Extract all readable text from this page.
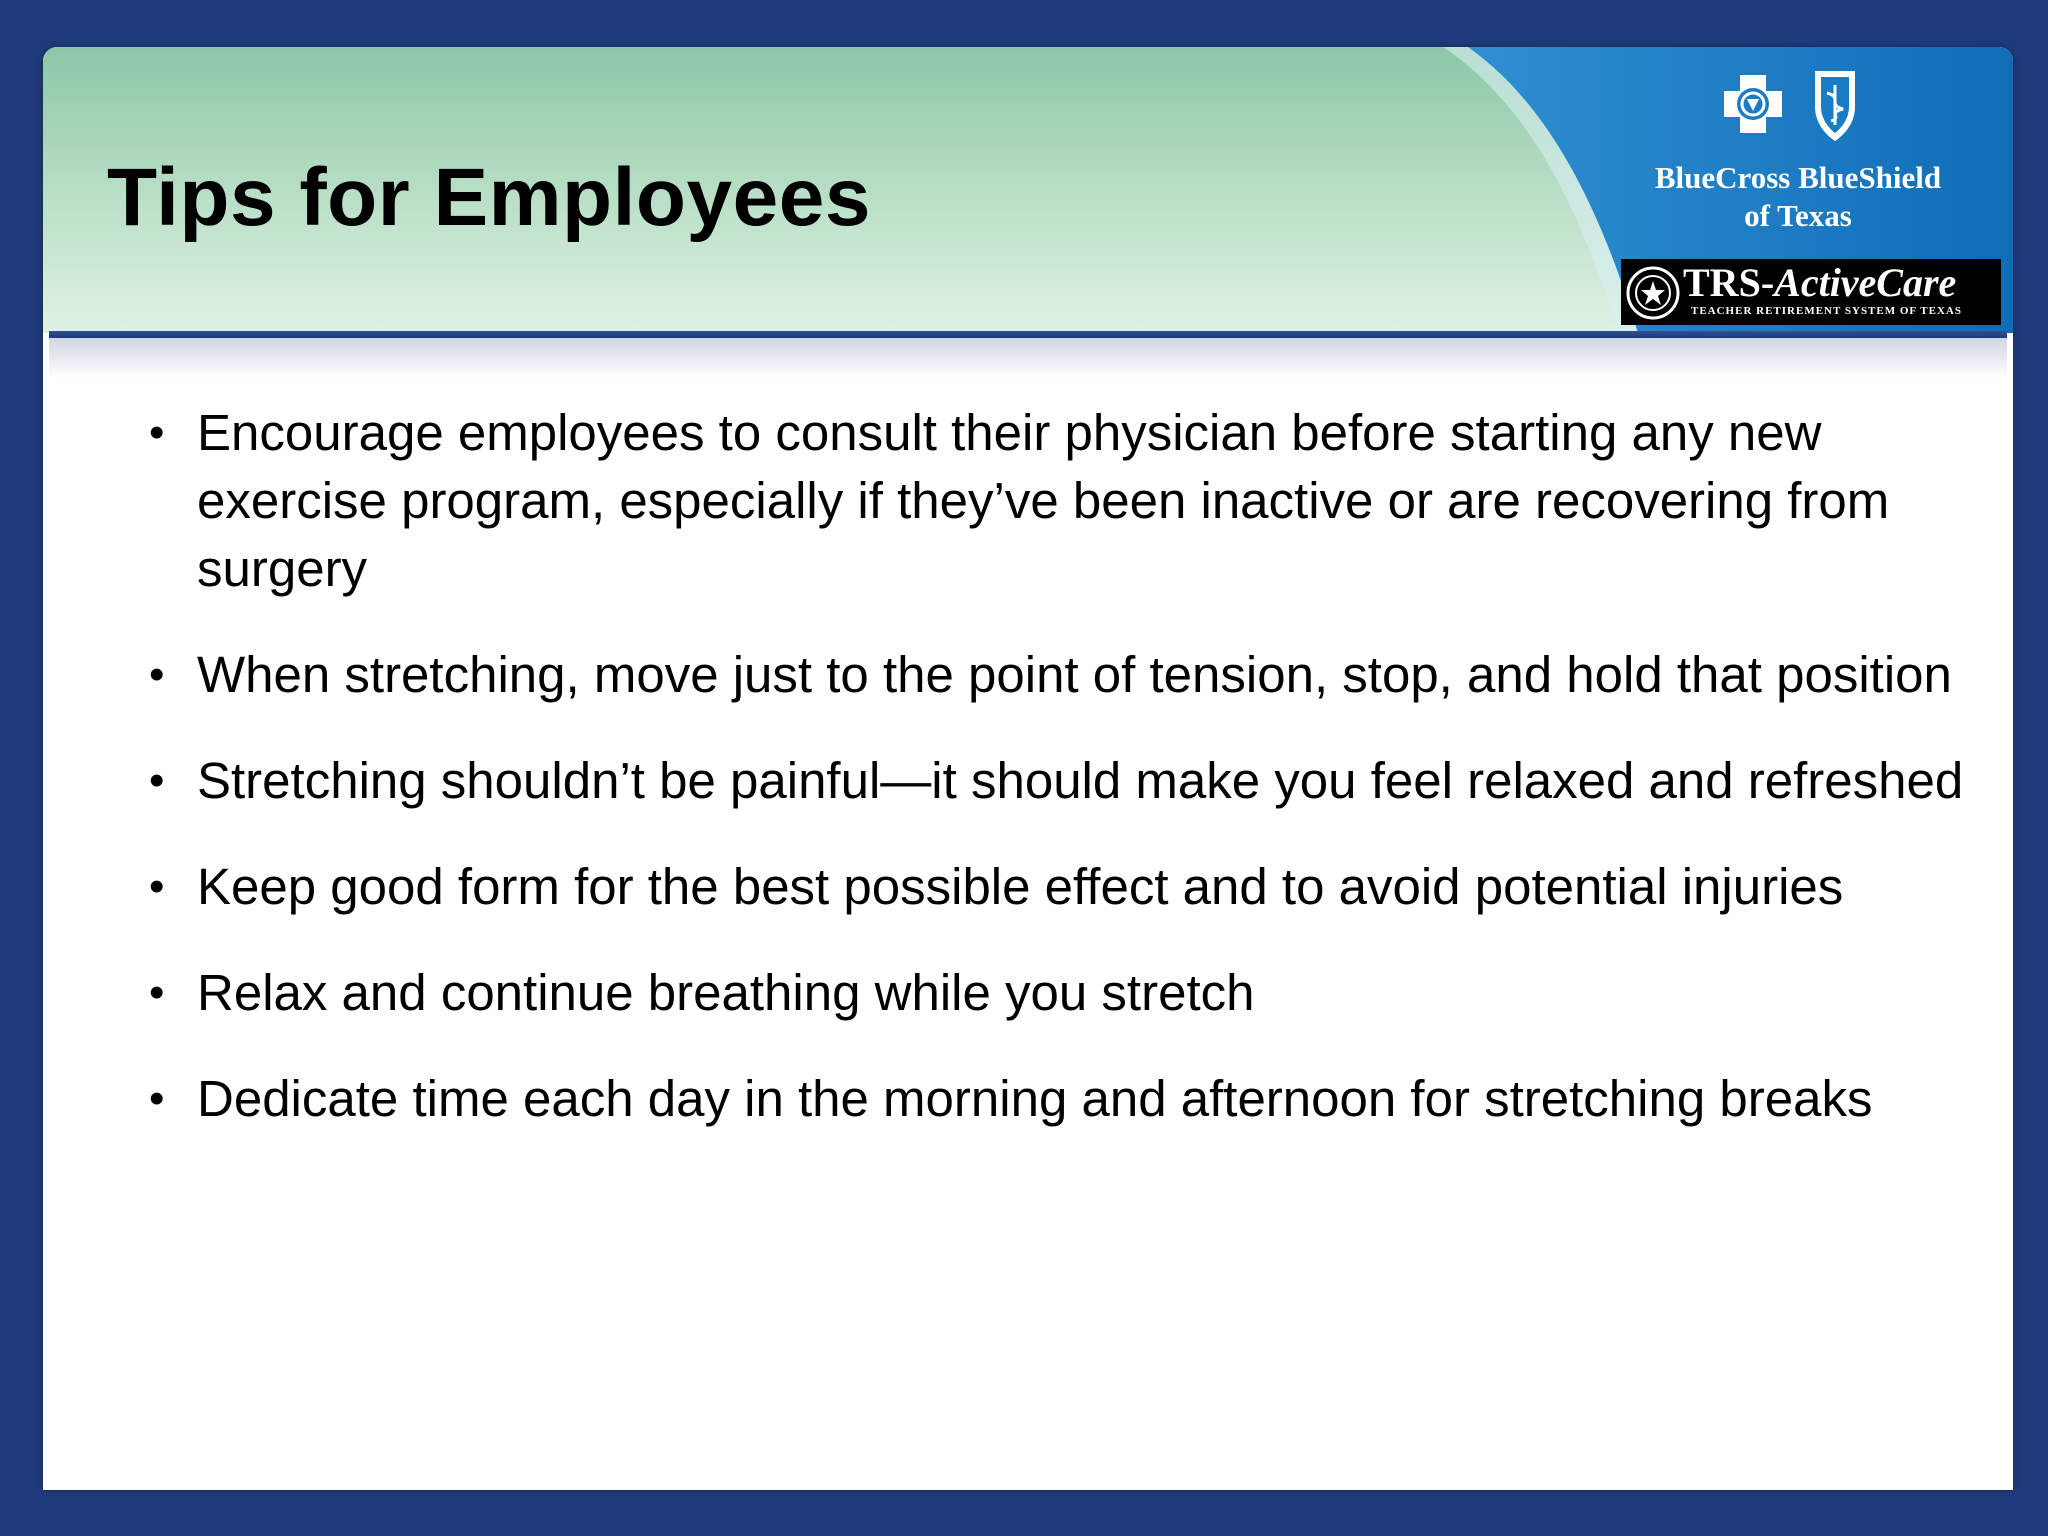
Tips for Employees	BlueCross BlueShield
of Texas
TRS-ActiveCare
TEACHER RETIREMENT SYSTEM OF TEXAS
• Encourage employees to consult their physician before starting any new exercise program, especially if they’ve been inactive or are recovering from surgery
• When stretching, move just to the point of tension, stop, and hold that position
• Stretching shouldn’t be painful—it should make you feel relaxed and refreshed
• Keep good form for the best possible effect and to avoid potential injuries
• Relax and continue breathing while you stretch
• Dedicate time each day in the morning and afternoon for stretching breaks
